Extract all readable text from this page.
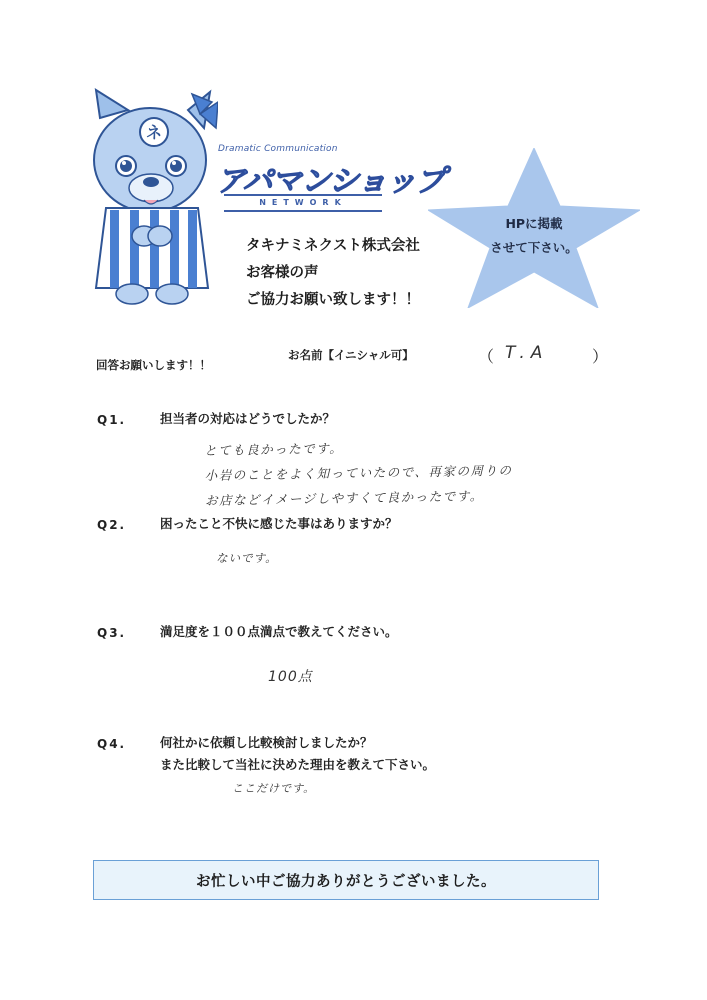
ネ
Dramatic Communication
アパマンショップ
NETWORK
タキナミネクスト株式会社
お客様の声
ご協力お願い致します！！
HPに掲載
させて下さい。
回答お願いします！！
お名前【イニシャル可】	（ T.A	）
Q1.	担当者の対応はどうでしたか？
とても良かったです。
小岩のことをよく知っていたので、再家の周りの
お店などイメージしやすくて良かったです。
Q2.	困ったこと不快に感じた事はありますか？
ないです。
Q3.	満足度を１００点満点で教えてください。
100点
Q4.	何社かに依頼し比較検討しましたか？
また比較して当社に決めた理由を教えて下さい。
ここだけです。
お忙しい中ご協力ありがとうございました。
